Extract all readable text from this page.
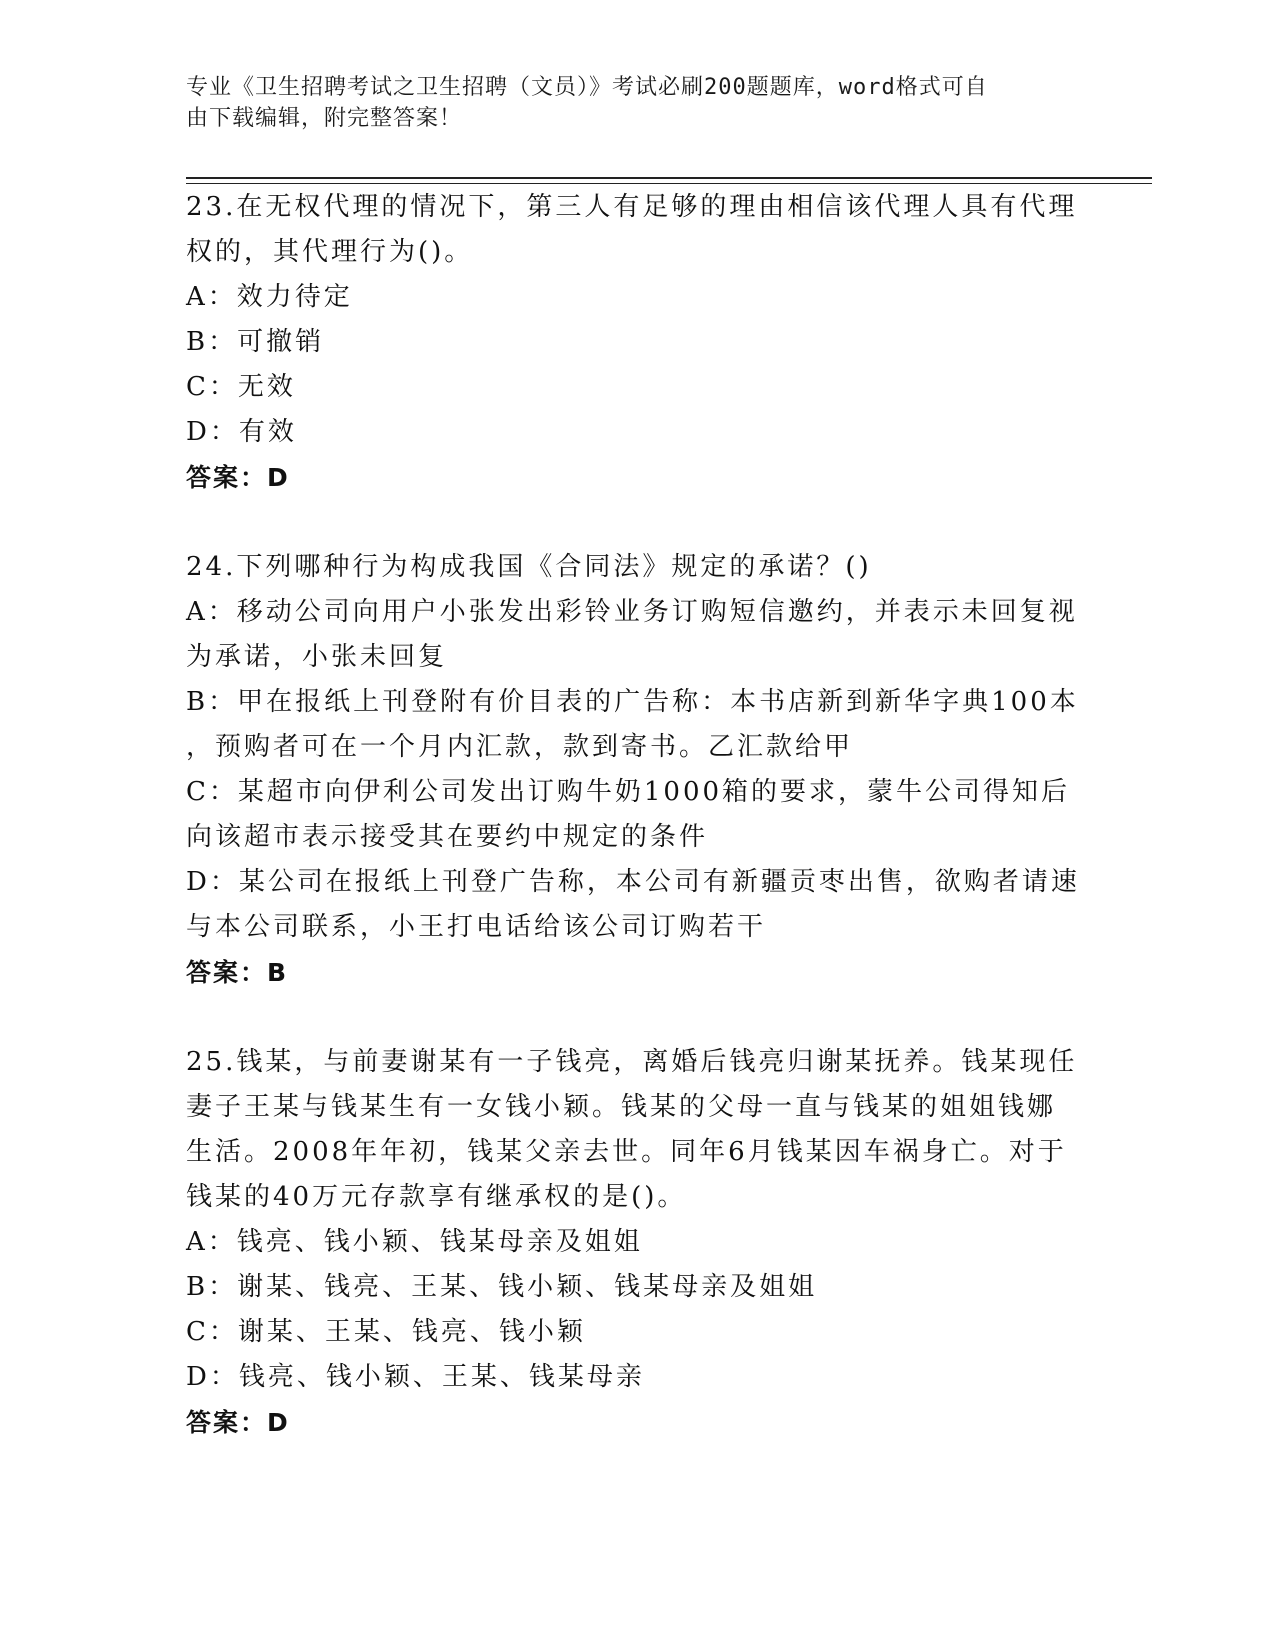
专业《卫生招聘考试之卫生招聘（文员）》考试必刷200题题库，word格式可自
由下载编辑，附完整答案！

23.在无权代理的情况下，第三人有足够的理由相信该代理人具有代理

权的，其代理行为()。

A：效力待定

B：可撤销

C：无效

D：有效

答案：D

24.下列哪种行为构成我国《合同法》规定的承诺？()

A：移动公司向用户小张发出彩铃业务订购短信邀约，并表示未回复视

为承诺，小张未回复

B：甲在报纸上刊登附有价目表的广告称：本书店新到新华字典100本

，预购者可在一个月内汇款，款到寄书。乙汇款给甲

C：某超市向伊利公司发出订购牛奶1000箱的要求，蒙牛公司得知后

向该超市表示接受其在要约中规定的条件

D：某公司在报纸上刊登广告称，本公司有新疆贡枣出售，欲购者请速

与本公司联系，小王打电话给该公司订购若干

答案：B

25.钱某，与前妻谢某有一子钱亮，离婚后钱亮归谢某抚养。钱某现任

妻子王某与钱某生有一女钱小颖。钱某的父母一直与钱某的姐姐钱娜

生活。2008年年初，钱某父亲去世。同年6月钱某因车祸身亡。对于

钱某的40万元存款享有继承权的是()。

A：钱亮、钱小颖、钱某母亲及姐姐

B：谢某、钱亮、王某、钱小颖、钱某母亲及姐姐

C：谢某、王某、钱亮、钱小颖

D：钱亮、钱小颖、王某、钱某母亲

答案：D
